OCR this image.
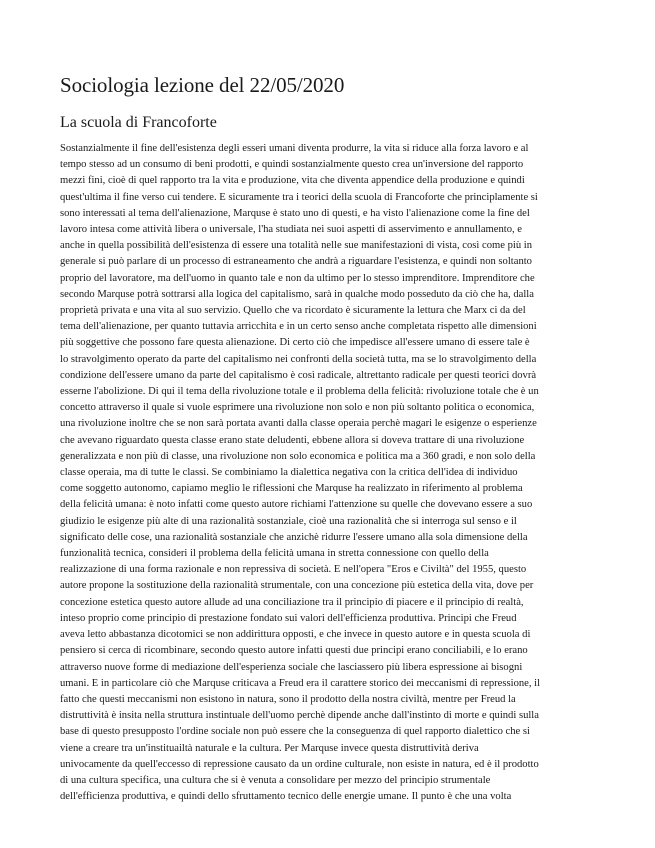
Sociologia lezione del 22/05/2020
La scuola di Francoforte

Sostanzialmente il fine dell'esistenza degli esseri umani diventa produrre, la vita si riduce alla forza lavoro e al
tempo stesso ad un consumo di beni prodotti, e quindi sostanzialmente questo crea un'inversione del rapporto
mezzi fini, cioè di quel rapporto tra la vita e produzione, vita che diventa appendice della produzione e quindi
quest'ultima il fine verso cui tendere. E sicuramente tra i teorici della scuola di Francoforte che principlamente si
sono interessati al tema dell'alienazione, Marquse è stato uno di questi, e ha visto l'alienazione come la fine del
lavoro intesa come attività libera o universale, l'ha studiata nei suoi aspetti di asservimento e annullamento, e
anche in quella possibilità dell'esistenza di essere una totalità nelle sue manifestazioni di vista, così come più in
generale si può parlare di un processo di estraneamento che andrà a riguardare l'esistenza, e quindi non soltanto
proprio del lavoratore, ma dell'uomo in quanto tale e non da ultimo per lo stesso imprenditore. Imprenditore che
secondo Marquse potrà sottrarsi alla logica del capitalismo, sarà in qualche modo posseduto da ciò che ha, dalla
proprietà privata e una vita al suo servizio. Quello che va ricordato è sicuramente la lettura che Marx ci da del
tema dell'alienazione, per quanto tuttavia arricchita e in un certo senso anche completata rispetto alle dimensioni
più soggettive che possono fare questa alienazione. Di certo ciò che impedisce all'essere umano di essere tale è
lo stravolgimento operato da parte del capitalismo nei confronti della società tutta, ma se lo stravolgimento della
condizione dell'essere umano da parte del capitalismo è così radicale, altrettanto radicale per questi teorici dovrà
esserne l'abolizione. Di qui il tema della rivoluzione totale e il problema della felicità: rivoluzione totale che è un
concetto attraverso il quale si vuole esprimere una rivoluzione non solo e non più soltanto politica o economica,
una rivoluzione inoltre che se non sarà portata avanti dalla classe operaia perchè magari le esigenze o esperienze
che avevano riguardato questa classe erano state deludenti, ebbene allora si doveva trattare di una rivoluzione
generalizzata e non più di classe, una rivoluzione non solo economica e politica ma a 360 gradi, e non solo della
classe operaia, ma di tutte le classi. Se combiniamo la dialettica negativa con la critica dell'idea di individuo
come soggetto autonomo, capiamo meglio le riflessioni che Marquse ha realizzato in riferimento al problema
della felicità umana: è noto infatti come questo autore richiami l'attenzione su quelle che dovevano essere a suo
giudizio le esigenze più alte di una razionalità sostanziale, cioè una razionalità che si interroga sul senso e il
significato delle cose, una razionalità sostanziale che anzichè ridurre l'essere umano alla sola dimensione della
funzionalità tecnica, consideri il problema della felicità umana in stretta connessione con quello della
realizzazione di una forma razionale e non repressiva di società. E nell'opera "Eros e Civiltà" del 1955, questo
autore propone la sostituzione della razionalità strumentale, con una concezione più estetica della vita, dove per
concezione estetica questo autore allude ad una conciliazione tra il principio di piacere e il principio di realtà,
inteso proprio come principio di prestazione fondato sui valori dell'efficienza produttiva. Principi che Freud
aveva letto abbastanza dicotomici se non addirittura opposti, e che invece in questo autore e in questa scuola di
pensiero si cerca di ricombinare, secondo questo autore infatti questi due principi erano conciliabili, e lo erano
attraverso nuove forme di mediazione dell'esperienza sociale che lasciassero più libera espressione ai bisogni
umani. E in particolare ciò che Marquse criticava a Freud era il carattere storico dei meccanismi di repressione, il
fatto che questi meccanismi non esistono in natura, sono il prodotto della nostra civiltà, mentre per Freud la
distruttività è insita nella struttura instintuale dell'uomo perchè dipende anche dall'instinto di morte e quindi sulla
base di questo presupposto l'ordine sociale non può essere che la conseguenza di quel rapporto dialettico che si
viene a creare tra un'instituailtà naturale e la cultura. Per Marquse invece questa distruttività deriva
univocamente da quell'eccesso di repressione causato da un ordine culturale, non esiste in natura, ed è il prodotto
di una cultura specifica, una cultura che si è venuta a consolidare per mezzo del principio strumentale
dell'efficienza produttiva, e quindi dello sfruttamento tecnico delle energie umane. Il punto è che una volta
